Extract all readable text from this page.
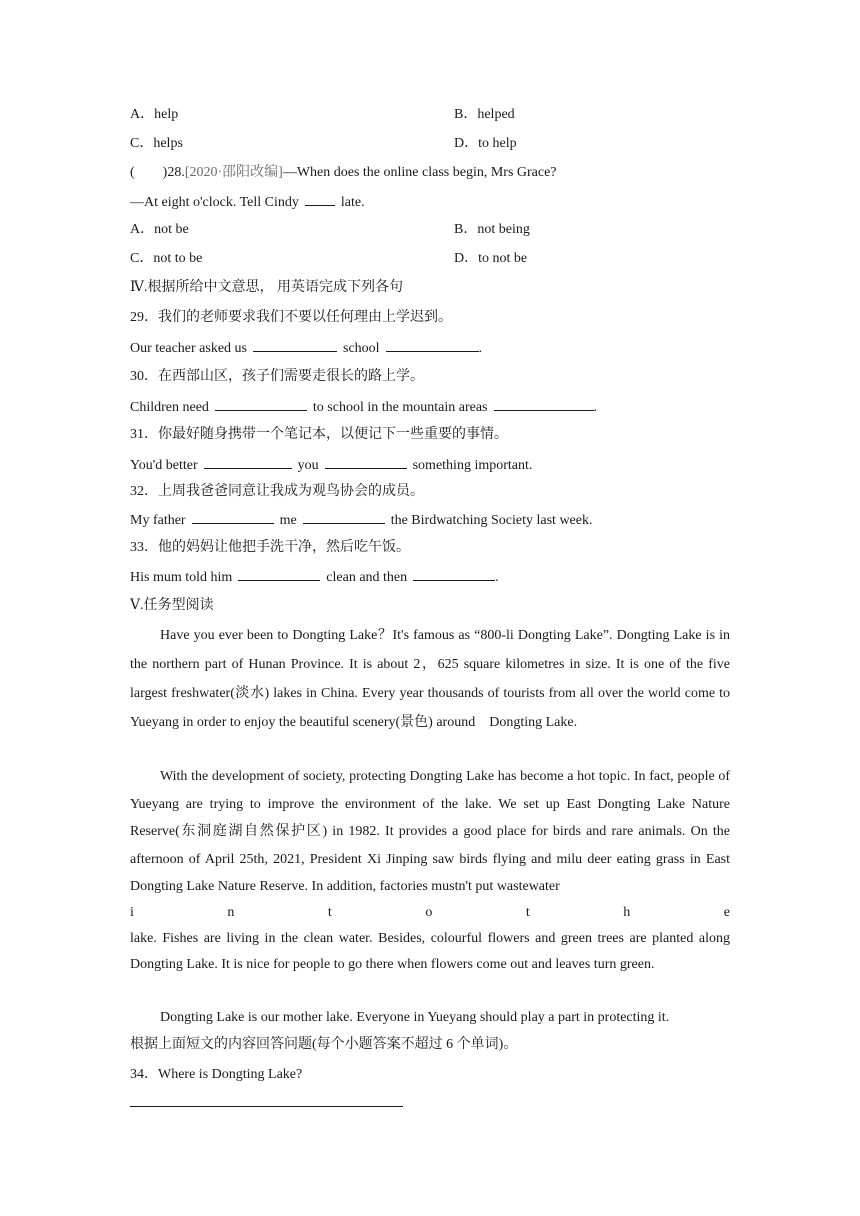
A．help	B．helped
C．helps	D．to help
(　　)28.[2020·邵阳改编]—When does the online class begin, Mrs Grace?
—At eight o'clock. Tell Cindy	late.
A．not be	B．not being
C．not to be	D．to not be
Ⅳ.根据所给中文意思， 用英语完成下列各句
29．我们的老师要求我们不要以任何理由上学迟到。
Our teacher asked us	school	.
30．在西部山区，孩子们需要走很长的路上学。
Children need	to school in the mountain areas	.
31．你最好随身携带一个笔记本，以便记下一些重要的事情。
You'd better	you	something important.
32．上周我爸爸同意让我成为观鸟协会的成员。
My father	me	the Birdwatching Society last week.
33．他的妈妈让他把手洗干净，然后吃午饭。
His mum told him	clean and then	.
Ⅴ.任务型阅读
Have you ever been to Dongting Lake？It's famous as “800-li Dongting Lake”. Dongting Lake is in the northern part of Hunan Province. It is about 2，625 square kilometres in size. It is one of the five largest freshwater(淡水) lakes in China. Every year thousands of tourists from all over the world come to Yueyang in order to enjoy the beautiful scenery(景色) around　Dongting Lake.
With the development of society, protecting Dongting Lake has become a hot topic. In fact, people of Yueyang are trying to improve the environment of the lake. We set up East Dongting Lake Nature Reserve(东洞庭湖自然保护区) in 1982. It provides a good place for birds and rare animals. On the afternoon of April 25th, 2021, President Xi Jinping saw birds flying and milu deer eating grass in East Dongting Lake Nature Reserve. In addition, factories mustn't put wastewater
i	n	t	o	t	h	e
lake. Fishes are living in the clean water. Besides, colourful flowers and green trees are planted along Dongting Lake. It is nice for people to go there when flowers come out and leaves turn green.
Dongting Lake is our mother lake. Everyone in Yueyang should play a part in protecting it.
根据上面短文的内容回答问题(每个小题答案不超过 6 个单词)。
34．Where is Dongting Lake?
